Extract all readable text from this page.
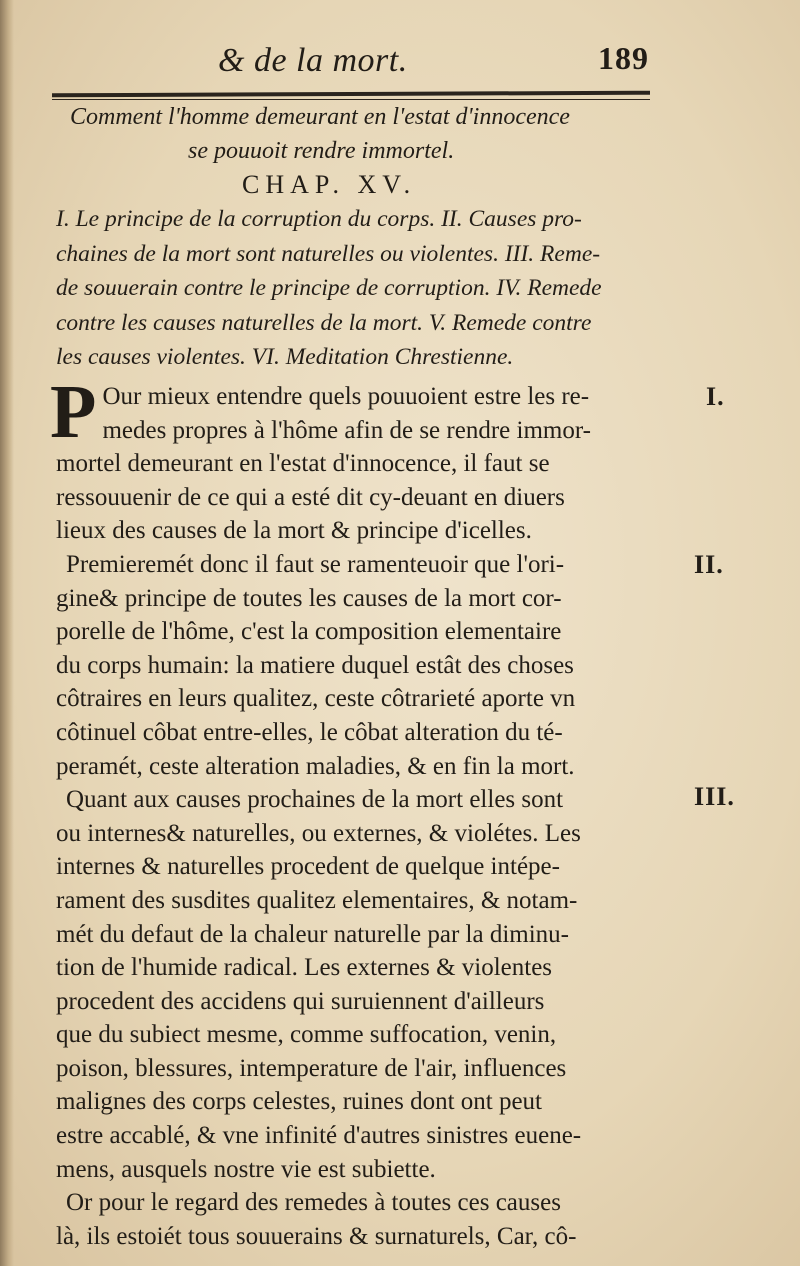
& de la mort.	189
Comment l'homme demeurant en l'estat d'innocence
se pouuoit rendre immortel.
CHAP. XV.
I. Le principe de la corruption du corps. II. Causes pro-
chaines de la mort sont naturelles ou violentes. III. Reme-
de souuerain contre le principe de corruption. IV. Remede
contre les causes naturelles de la mort. V. Remede contre
les causes violentes. VI. Meditation Chrestienne.
P Our mieux entendre quels pouuoient estre les re-
medes propres à l'hôme afin de se rendre immor-
mortel demeurant en l'estat d'innocence, il faut se
ressouuenir de ce qui a esté dit cy-deuant en diuers
lieux des causes de la mort & principe d'icelles.
Premieremét donc il faut se ramenteuoir que l'ori-
gine& principe de toutes les causes de la mort cor-
porelle de l'hôme, c'est la composition elementaire
du corps humain: la matiere duquel estât des choses
côtraires en leurs qualitez, ceste côtrarieté aporte vn
côtinuel côbat entre-elles, le côbat alteration du té-
peramét, ceste alteration maladies, & en fin la mort.
Quant aux causes prochaines de la mort elles sont
ou internes& naturelles, ou externes, & violétes. Les
internes & naturelles procedent de quelque intépe-
rament des susdites qualitez elementaires, & notam-
mét du defaut de la chaleur naturelle par la diminu-
tion de l'humide radical. Les externes & violentes
procedent des accidens qui suruiennent d'ailleurs
que du subiect mesme, comme suffocation, venin,
poison, blessures, intemperature de l'air, influences
malignes des corps celestes, ruines dont ont peut
estre accablé, & vne infinité d'autres sinistres euene-
mens, ausquels nostre vie est subiette.
Or pour le regard des remedes à toutes ces causes
là, ils estoiét tous souuerains & surnaturels, Car, cô-
I.
II.
III.
